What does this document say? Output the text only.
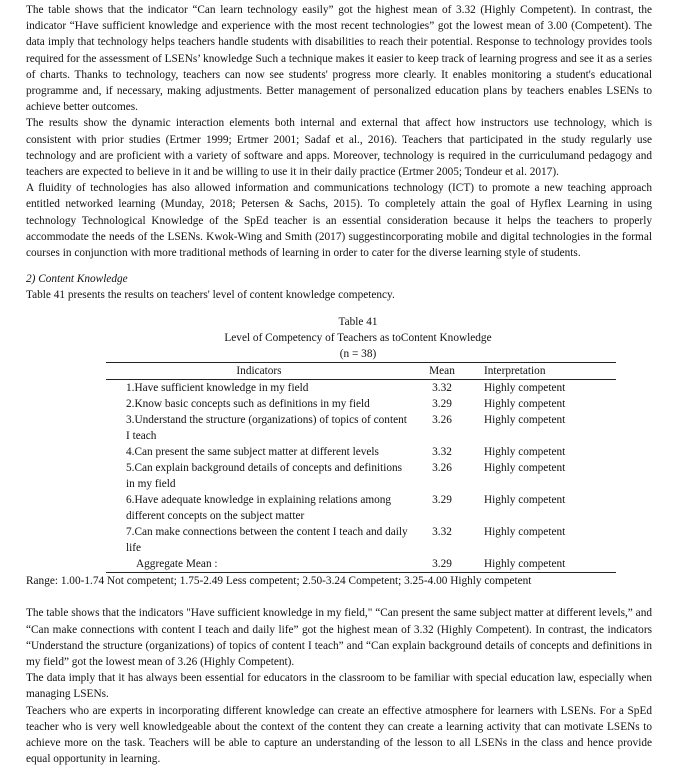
The table shows that the indicator “Can learn technology easily” got the highest mean of 3.32 (Highly Competent). In contrast, the indicator “Have sufficient knowledge and experience with the most recent technologies” got the lowest mean of 3.00 (Competent). The data imply that technology helps teachers handle students with disabilities to reach their potential. Response to technology provides tools required for the assessment of LSENs’ knowledge Such a technique makes it easier to keep track of learning progress and see it as a series of charts. Thanks to technology, teachers can now see students' progress more clearly. It enables monitoring a student's educational programme and, if necessary, making adjustments. Better management of personalized education plans by teachers enables LSENs to achieve better outcomes.

The results show the dynamic interaction elements both internal and external that affect how instructors use technology, which is consistent with prior studies (Ertmer 1999; Ertmer 2001; Sadaf et al., 2016). Teachers that participated in the study regularly use technology and are proficient with a variety of software and apps. Moreover, technology is required in the curriculumand pedagogy and teachers are expected to believe in it and be willing to use it in their daily practice (Ertmer 2005; Tondeur et al. 2017).

A fluidity of technologies has also allowed information and communications technology (ICT) to promote a new teaching approach entitled networked learning (Munday, 2018; Petersen & Sachs, 2015). To completely attain the goal of Hyflex Learning in using technology Technological Knowledge of the SpEd teacher is an essential consideration because it helps the teachers to properly accommodate the needs of the LSENs. Kwok-Wing and Smith (2017) suggestincorporating mobile and digital technologies in the formal courses in conjunction with more traditional methods of learning in order to cater for the diverse learning style of students.

2) Content Knowledge

Table 41 presents the results on teachers' level of content knowledge competency.

Table 41
Level of Competency of Teachers as toContent Knowledge
(n = 38)
Indicators	Mean	Interpretation
1.Have sufficient knowledge in my field	3.32	Highly competent
2.Know basic concepts such as definitions in my field	3.29	Highly competent
3.Understand the structure (organizations) of topics of content I teach	3.26	Highly competent
4.Can present the same subject matter at different levels	3.32	Highly competent
5.Can explain background details of concepts and definitions in my field	3.26	Highly competent
6.Have adequate knowledge in explaining relations among different concepts on the subject matter	3.29	Highly competent
7.Can make connections between the content I teach and daily life	3.32	Highly competent
Aggregate Mean :	3.29	Highly competent

Range: 1.00-1.74 Not competent; 1.75-2.49 Less competent; 2.50-3.24 Competent; 3.25-4.00 Highly competent

The table shows that the indicators "Have sufficient knowledge in my field," “Can present the same subject matter at different levels,” and “Can make connections with content I teach and daily life” got the highest mean of 3.32 (Highly Competent). In contrast, the indicators “Understand the structure (organizations) of topics of content I teach” and “Can explain background details of concepts and definitions in my field” got the lowest mean of 3.26 (Highly Competent).

The data imply that it has always been essential for educators in the classroom to be familiar with special education law, especially when managing LSENs.

Teachers who are experts in incorporating different knowledge can create an effective atmosphere for learners with LSENs. For a SpEd teacher who is very well knowledgeable about the context of the content they can create a learning activity that can motivate LSENs to achieve more on the task. Teachers will be able to capture an understanding of the lesson to all LSENs in the class and hence provide equal opportunity in learning.
